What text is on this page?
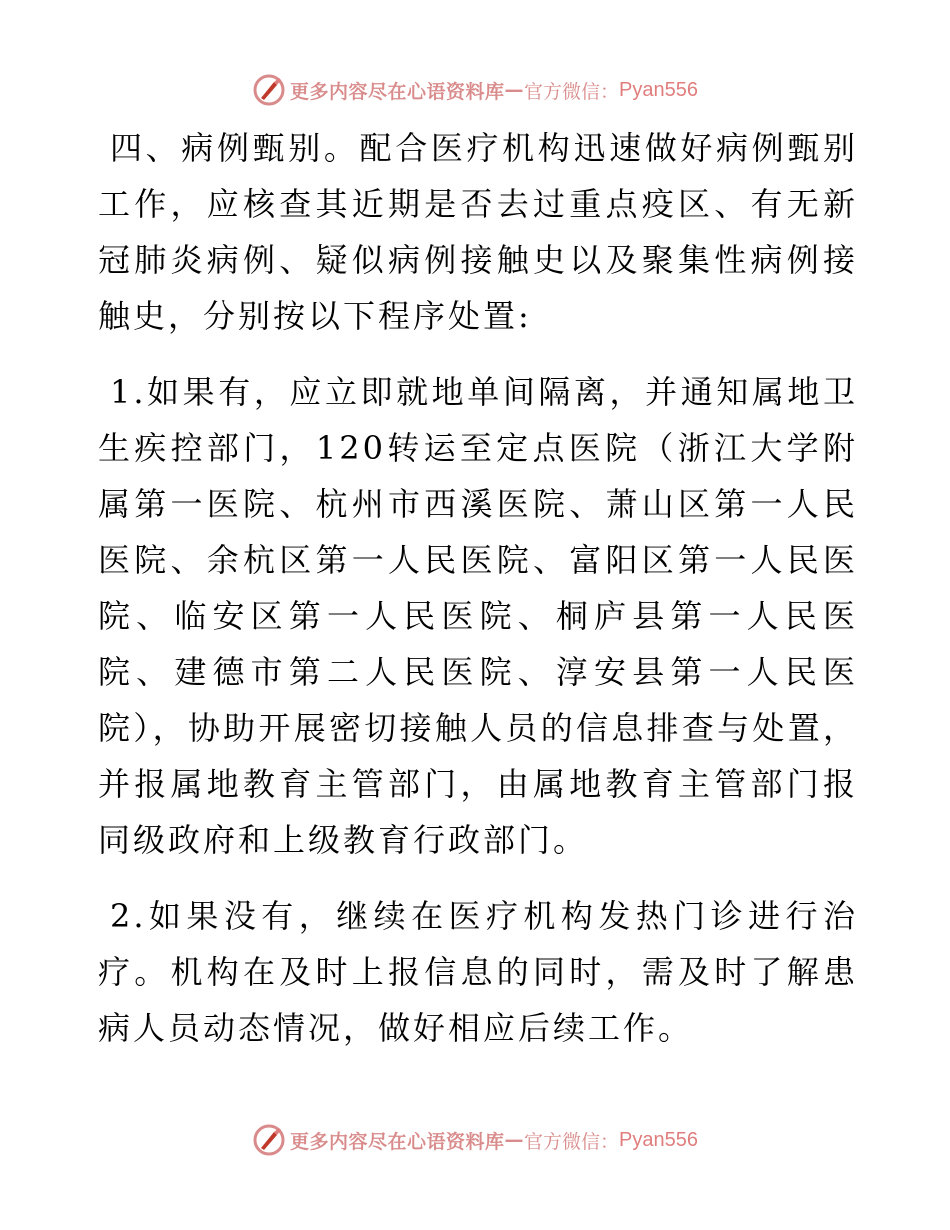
更多内容尽在心语资料库 — 官方微信： Pyan556

四、病例甄别。配合医疗机构迅速做好病例甄别工作，应核查其近期是否去过重点疫区、有无新冠肺炎病例、疑似病例接触史以及聚集性病例接触史，分别按以下程序处置:

1.如果有，应立即就地单间隔离，并通知属地卫生疾控部门，120转运至定点医院（浙江大学附属第一医院、杭州市西溪医院、萧山区第一人民医院、余杭区第一人民医院、富阳区第一人民医院、临安区第一人民医院、桐庐县第一人民医院、建德市第二人民医院、淳安县第一人民医院），协助开展密切接触人员的信息排查与处置，并报属地教育主管部门，由属地教育主管部门报同级政府和上级教育行政部门。

2.如果没有，继续在医疗机构发热门诊进行治疗。机构在及时上报信息的同时，需及时了解患病人员动态情况，做好相应后续工作。

更多内容尽在心语资料库 — 官方微信： Pyan556
